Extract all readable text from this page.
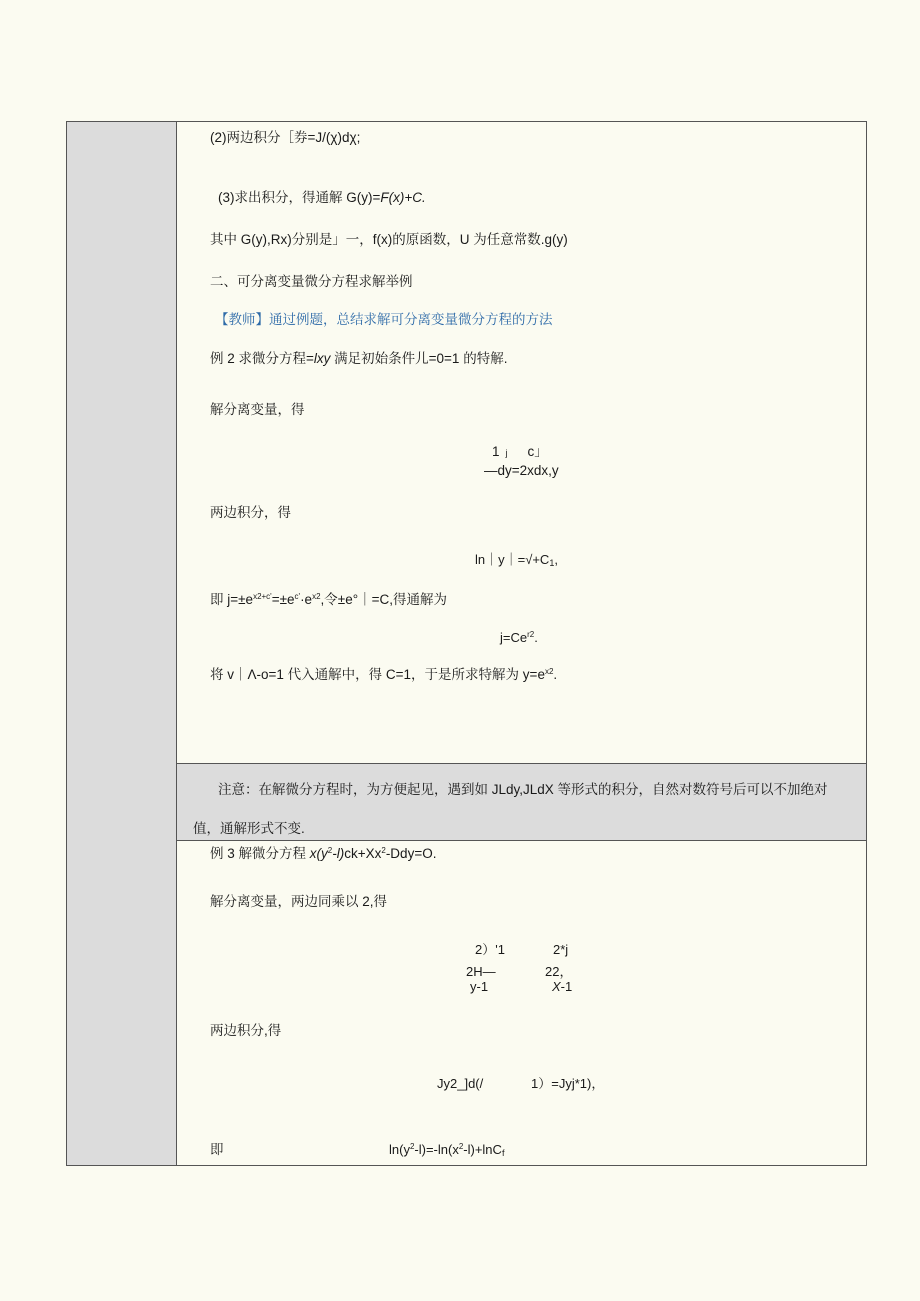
(2)两边积分［券=J/(χ)dχ;
(3)求出积分，得通解 G(y)=F(x)+C.
其中 G(y),Rx)分别是」一，f(x)的原函数，U 为任意常数.g(y)
二、可分离变量微分方程求解举例
【教师】通过例题，总结求解可分离变量微分方程的方法
例 2 求微分方程=lxy 满足初始条件儿=0=1 的特解.
解分离变量，得
1 j c」
—dy=2xdx,y
两边积分，得
$\ln|y|=√+C_1$,
即 $j=\pm e^{x2+c'}=\pm e^{c'}\cdot e^{x2}$,令±e°｜=C,得通解为
$j=Ce^{r2}$.
将 v｜Λ-o=1 代入通解中，得 C=1，于是所求特解为 $y=e^{x2}$.
注意：在解微分方程时，为方便起见，遇到如 JLdy,JLdX 等形式的积分，自然对数符号后可以不加绝对
值，通解形式不变.
例 3 解微分方程 $x(y^2-l)ck+Xx^2-Ddy=O$.
解分离变量，两边同乘以 2,得
2）'1	2*j
2H—	22，
y-1	X-1
两边积分,得
Jy2_]d(/	1）=Jyj*1)，
即	$\ln(y^2-l)=-\ln(x^2-l)+\ln C_f$
